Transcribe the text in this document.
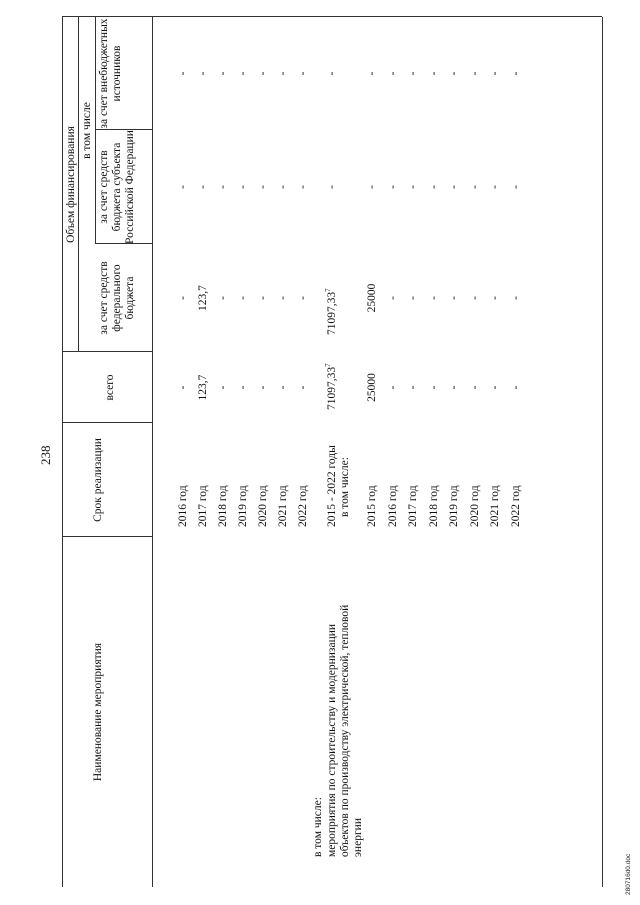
238
Наименование мероприятия
Срок реализации
Объем финансирования в том числе
всего
за счет средств федерального бюджета
за счет средств бюджета субъекта Российской Федерации
за счет внебюджетных источников
2016 год
-
-
-
-
2017 год
123,7
123,7
-
-
2018 год
-
-
-
-
2019 год
-
-
-
-
2020 год
-
-
-
-
2021 год
-
-
-
-
2022 год
-
-
-
-
в том числе: мероприятия по строительству и модернизации объектов по производству электрической, тепловой энергии
2015 - 2022 годы
71097,33$^7$
71097,33$^7$
-
-
в том числе: 2015 год
25000
25000
-
-
2016 год
-
-
-
-
2017 год
-
-
-
-
2018 год
-
-
-
-
2019 год
-
-
-
-
2020 год
-
-
-
-
2021 год
-
-
-
-
2022 год
-
-
-
-
280716d0.doc
